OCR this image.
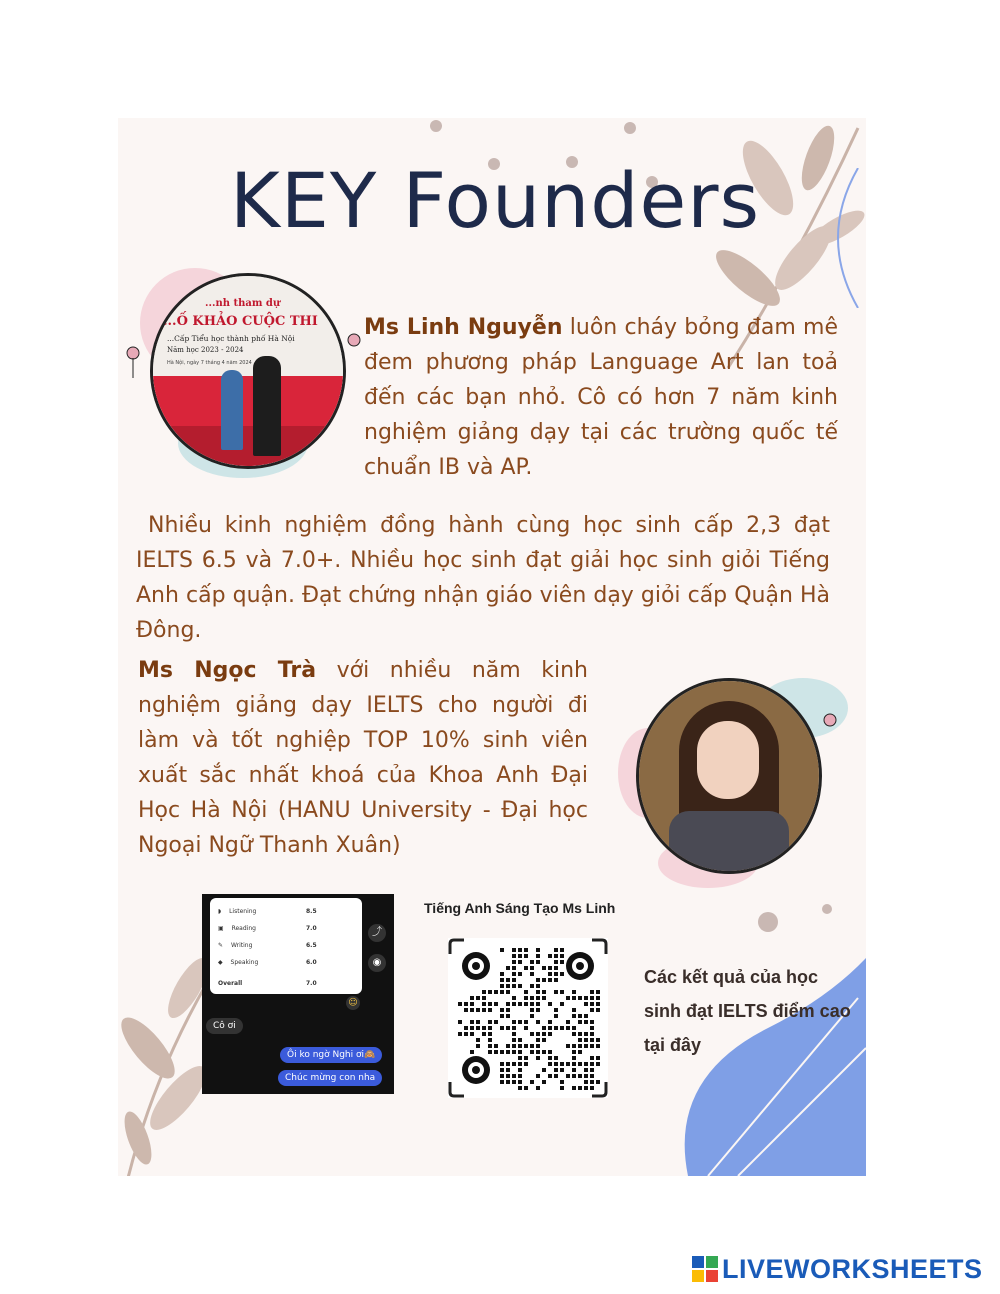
KEY Founders
...nh tham dự
...Ố KHẢO CUỘC THI
...Cấp Tiểu học thành phố Hà Nội
Năm học 2023 - 2024
Hà Nội, ngày 7 tháng 4 năm 2024

Ms Linh Nguyễn luôn cháy bỏng đam mê đem phương pháp Language Art lan toả đến các bạn nhỏ. Cô có hơn 7 năm kinh nghiệm giảng dạy tại các trường quốc tế chuẩn IB và AP.

Nhiều kinh nghiệm đồng hành cùng học sinh cấp 2,3 đạt IELTS 6.5 và 7.0+. Nhiều học sinh đạt giải học sinh giỏi Tiếng Anh cấp quận. Đạt chứng nhận giáo viên dạy giỏi cấp Quận Hà Đông.

Ms Ngọc Trà với nhiều năm kinh nghiệm giảng dạy IELTS cho người đi làm và tốt nghiệp TOP 10% sinh viên xuất sắc nhất khoá của Khoa Anh Đại Học Hà Nội (HANU University - Đại học Ngoại Ngữ Thanh Xuân)

◗ Listening	8.5
▣ Reading	7.0
✎ Writing	6.5
◆ Speaking	6.0
Overall	7.0
⤴
◉
☺
Cô ơi
Ôi ko ngờ Nghi ơi🙈
Chúc mừng con nha
Tiếng Anh Sáng Tạo Ms Linh

Các kết quả của học sinh đạt IELTS điểm cao tại đây

LIVEWORKSHEETS
